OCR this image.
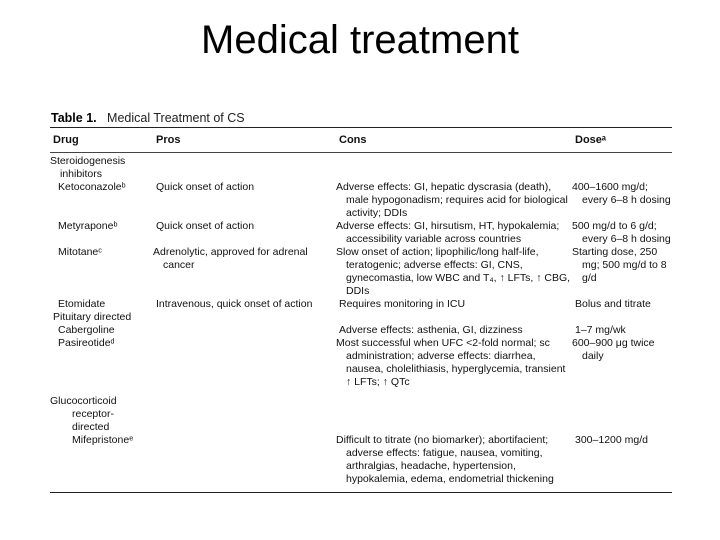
Medical treatment
Table 1. Medical Treatment of CS
Drug	Pros	Cons	Doseᵃ
Steroidogenesis inhibitors			
Ketoconazoleᵇ	Quick onset of action	Adverse effects: GI, hepatic dyscrasia (death), male hypogonadism; requires acid for biological activity; DDIs	400–1600 mg/d; every 6–8 h dosing
Metyraponeᵇ	Quick onset of action	Adverse effects: GI, hirsutism, HT, hypokalemia; accessibility variable across countries	500 mg/d to 6 g/d; every 6–8 h dosing
Mitotaneᶜ	Adrenolytic, approved for adrenal cancer	Slow onset of action; lipophilic/long half-life, teratogenic; adverse effects: GI, CNS, gynecomastia, low WBC and T₄, ↑ LFTs, ↑ CBG, DDIs	Starting dose, 250 mg; 500 mg/d to 8 g/d
Etomidate	Intravenous, quick onset of action	Requires monitoring in ICU	Bolus and titrate
Pituitary directed			
Cabergoline		Adverse effects: asthenia, GI, dizziness	1–7 mg/wk
Pasireotideᵈ		Most successful when UFC <2-fold normal; sc administration; adverse effects: diarrhea, nausea, cholelithiasis, hyperglycemia, transient ↑ LFTs; ↑ QTc	600–900 μg twice daily
Glucocorticoid receptor-directed			
Mifepristoneᵉ		Difficult to titrate (no biomarker); abortifacient; adverse effects: fatigue, nausea, vomiting, arthralgias, headache, hypertension, hypokalemia, edema, endometrial thickening	300–1200 mg/d
